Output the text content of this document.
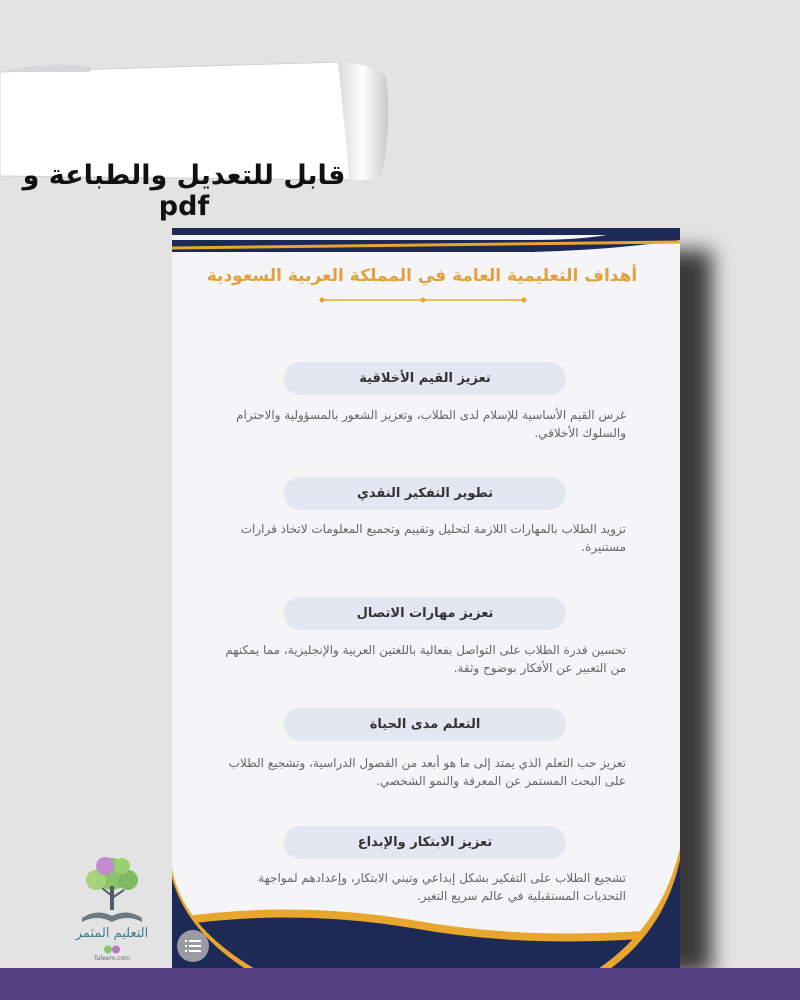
قابل للتعديل والطباعة و pdf
أهداف التعليمية العامة في المملكة العربية السعودية
تعزيز القيم الأخلاقية
غرس القيم الأساسية للإسلام لدى الطلاب، وتعزيز الشعور بالمسؤولية والاحترام والسلوك الأخلاقي.
تطوير التفكير النقدي
تزويد الطلاب بالمهارات اللازمة لتحليل وتقييم وتجميع المعلومات لاتخاذ قرارات مستنيرة.
تعزيز مهارات الاتصال
تحسين قدرة الطلاب على التواصل بفعالية باللغتين العربية والإنجليزية، مما يمكنهم من التعبير عن الأفكار بوضوح وثقة.
التعلم مدى الحياة
تعزيز حب التعلم الذي يمتد إلى ما هو أبعد من الفصول الدراسية، وتشجيع الطلاب على البحث المستمر عن المعرفة والنمو الشخصي.
تعزيز الابتكار والإبداع
تشجيع الطلاب على التفكير بشكل إبداعي وتبني الابتكار، وإعدادهم لمواجهة التحديات المستقبلية في عالم سريع التغير.
التعليم المثمر
Taleem.com
